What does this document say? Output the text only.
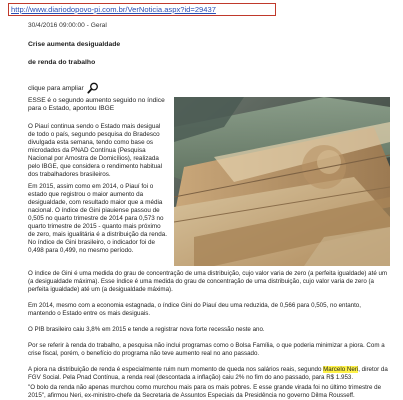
http://www.diariodopovo-pi.com.br/VerNoticia.aspx?id=29437
30/4/2016 09:00:00 - Geral
Crise aumenta desigualdade
de renda do trabalho
clique para ampliar
ESSE é o segundo aumento seguido no índice para o Estado, apontou IBGE
O Piauí continua sendo o Estado mais desigual de todo o país, segundo pesquisa do Bradesco divulgada esta semana, tendo como base os microdados da PNAD Contínua (Pesquisa Nacional por Amostra de Domicílios), realizada pelo IBGE, que considera o rendimento habitual dos trabalhadores brasileiros.
Em 2015, assim como em 2014, o Piauí foi o estado que registrou o maior aumento da desigualdade, com resultado maior que a média nacional. O índice de Gini piauiense passou de 0,505 no quarto trimestre de 2014 para 0,573 no quarto trimestre de 2015 - quanto mais próximo de zero, mais igualitária é a distribuição da renda. No índice de Gini brasileiro, o indicador foi de 0,498 para 0,499, no mesmo período.
O índice de Gini é uma medida do grau de concentração de uma distribuição, cujo valor varia de zero (a perfeita igualdade) até um (a desigualdade máxima). Esse índice é uma medida do grau de concentração de uma distribuição, cujo valor varia de zero (a perfeita igualdade) até um (a desigualdade máxima).
Em 2014, mesmo com a economia estagnada, o índice Gini do Piauí deu uma reduzida, de 0,566 para 0,505, no entanto, mantendo o Estado entre os mais desiguais.
O PIB brasileiro caiu 3,8% em 2015 e tende a registrar nova forte recessão neste ano.
Por se referir à renda do trabalho, a pesquisa não inclui programas como o Bolsa Família, o que poderia minimizar a piora. Com a crise fiscal, porém, o benefício do programa não teve aumento real no ano passado.
A piora na distribuição de renda é especialmente ruim num momento de queda nos salários reais, segundo Marcelo Neri, diretor da FGV Social. Pela Pnad Contínua, a renda real (descontada a inflação) caiu 2% no fim do ano passado, para R$ 1.953.
"O bolo da renda não apenas murchou como murchou mais para os mais pobres. E esse grande virada foi no último trimestre de 2015", afirmou Neri, ex-ministro-chefe da Secretaria de Assuntos Especiais da Presidência no governo Dilma Rousseff.
